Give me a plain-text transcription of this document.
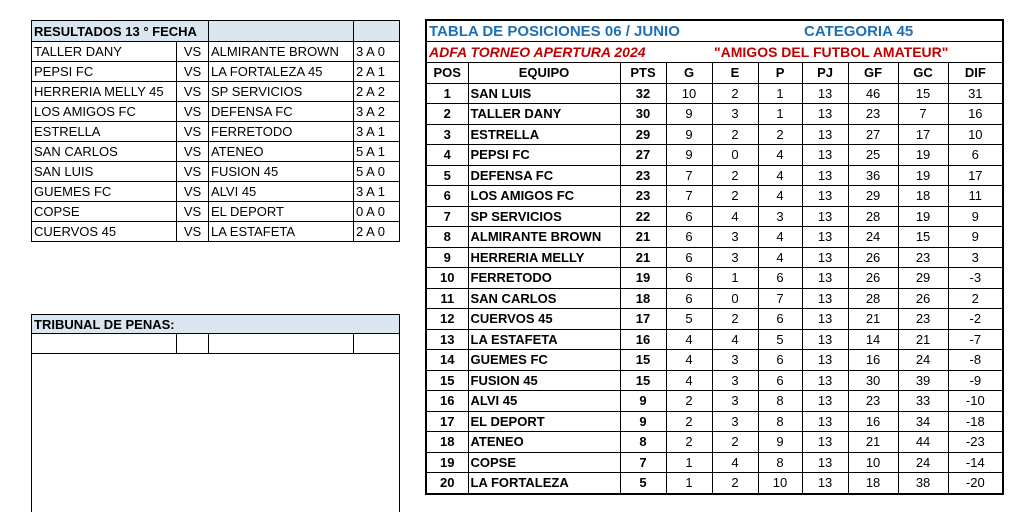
RESULTADOS 13 ° FECHA			
TALLER DANY	VS	ALMIRANTE BROWN	3 A 0
PEPSI FC	VS	LA FORTALEZA 45	2 A 1
HERRERIA MELLY 45	VS	SP SERVICIOS	2 A 2
LOS AMIGOS FC	VS	DEFENSA FC	3 A 2
ESTRELLA	VS	FERRETODO	3 A 1
SAN CARLOS	VS	ATENEO	5 A 1
SAN LUIS	VS	FUSION 45	5 A 0
GUEMES FC	VS	ALVI 45	3 A 1
COPSE	VS	EL DEPORT	0 A 0
CUERVOS 45	VS	LA ESTAFETA	2 A 0
TRIBUNAL DE PENAS:

TABLA DE POSICIONES 06 / JUNIO						CATEGORIA 45			
ADFA TORNEO APERTURA 2024				"AMIGOS DEL FUTBOL AMATEUR"					
POS	EQUIPO	PTS	G	E	P	PJ	GF	GC	DIF
1	SAN LUIS	32	10	2	1	13	46	15	31
2	TALLER DANY	30	9	3	1	13	23	7	16
3	ESTRELLA	29	9	2	2	13	27	17	10
4	PEPSI FC	27	9	0	4	13	25	19	6
5	DEFENSA FC	23	7	2	4	13	36	19	17
6	LOS AMIGOS FC	23	7	2	4	13	29	18	11
7	SP SERVICIOS	22	6	4	3	13	28	19	9
8	ALMIRANTE BROWN	21	6	3	4	13	24	15	9
9	HERRERIA MELLY	21	6	3	4	13	26	23	3
10	FERRETODO	19	6	1	6	13	26	29	-3
11	SAN CARLOS	18	6	0	7	13	28	26	2
12	CUERVOS 45	17	5	2	6	13	21	23	-2
13	LA ESTAFETA	16	4	4	5	13	14	21	-7
14	GUEMES FC	15	4	3	6	13	16	24	-8
15	FUSION 45	15	4	3	6	13	30	39	-9
16	ALVI 45	9	2	3	8	13	23	33	-10
17	EL DEPORT	9	2	3	8	13	16	34	-18
18	ATENEO	8	2	2	9	13	21	44	-23
19	COPSE	7	1	4	8	13	10	24	-14
20	LA FORTALEZA	5	1	2	10	13	18	38	-20
